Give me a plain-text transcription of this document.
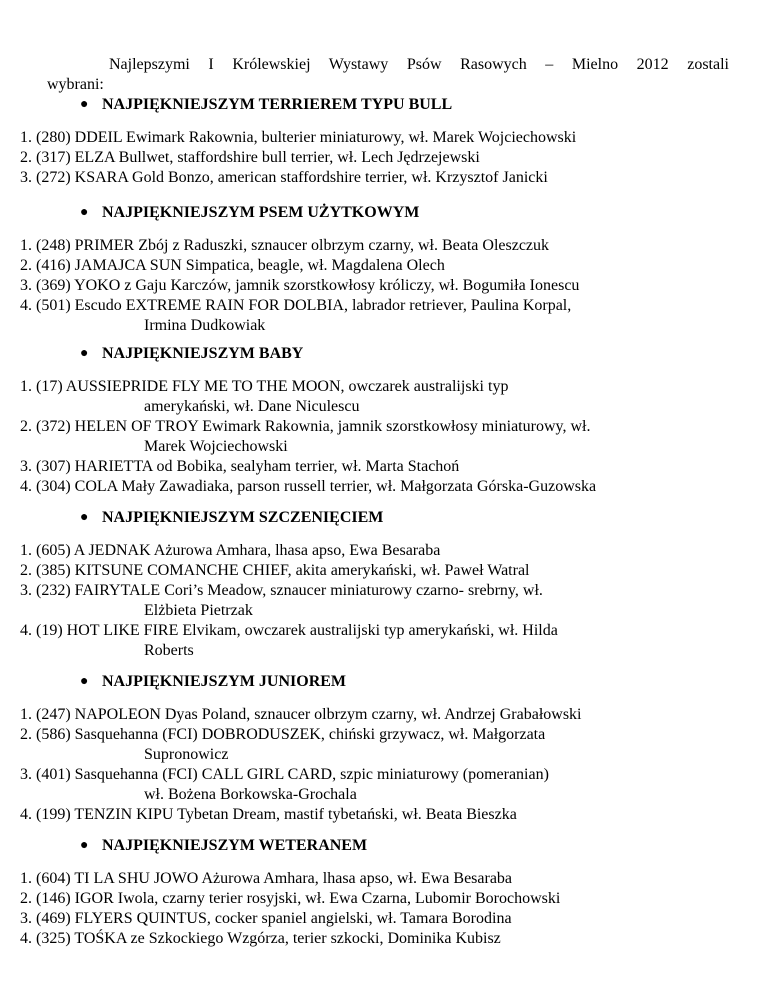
Najlepszymi I Królewskiej Wystawy Psów Rasowych – Mielno 2012 zostali
wybrani:

● NAJPIĘKNIEJSZYM TERRIEREM TYPU BULL
1. (280) DDEIL Ewimark Rakownia, bulterier miniaturowy, wł. Marek Wojciechowski
2. (317) ELZA Bullwet, staffordshire bull terrier, wł. Lech Jędrzejewski
3. (272) KSARA Gold Bonzo, american staffordshire terrier, wł. Krzysztof Janicki
● NAJPIĘKNIEJSZYM PSEM UŻYTKOWYM
1. (248) PRIMER Zbój z Raduszki, sznaucer olbrzym czarny, wł. Beata Oleszczuk
2. (416) JAMAJCA SUN Simpatica, beagle, wł. Magdalena Olech
3. (369) YOKO z Gaju Karczów, jamnik szorstkowłosy króliczy, wł. Bogumiła Ionescu
4. (501) Escudo EXTREME RAIN FOR DOLBIA, labrador retriever, Paulina Korpal,
Irmina Dudkowiak
● NAJPIĘKNIEJSZYM BABY
1. (17) AUSSIEPRIDE FLY ME TO THE MOON, owczarek australijski typ
amerykański, wł. Dane Niculescu
2. (372) HELEN OF TROY Ewimark Rakownia, jamnik szorstkowłosy miniaturowy, wł.
Marek Wojciechowski
3. (307) HARIETTA od Bobika, sealyham terrier, wł. Marta Stachoń
4. (304) COLA Mały Zawadiaka, parson russell terrier, wł. Małgorzata Górska-Guzowska
● NAJPIĘKNIEJSZYM SZCZENIĘCIEM
1. (605) A JEDNAK Ażurowa Amhara, lhasa apso, Ewa Besaraba
2. (385) KITSUNE COMANCHE CHIEF, akita amerykański, wł. Paweł Watral
3. (232) FAIRYTALE Cori’s Meadow, sznaucer miniaturowy czarno- srebrny, wł.
Elżbieta Pietrzak
4. (19) HOT LIKE FIRE Elvikam, owczarek australijski typ amerykański, wł. Hilda
Roberts
● NAJPIĘKNIEJSZYM JUNIOREM
1. (247) NAPOLEON Dyas Poland, sznaucer olbrzym czarny, wł. Andrzej Grabałowski
2. (586) Sasquehanna (FCI) DOBRODUSZEK, chiński grzywacz, wł. Małgorzata
Supronowicz
3. (401) Sasquehanna (FCI) CALL GIRL CARD, szpic miniaturowy (pomeranian)
wł. Bożena Borkowska-Grochala
4. (199) TENZIN KIPU Tybetan Dream, mastif tybetański, wł. Beata Bieszka
● NAJPIĘKNIEJSZYM WETERANEM
1. (604) TI LA SHU JOWO Ażurowa Amhara, lhasa apso, wł. Ewa Besaraba
2. (146) IGOR Iwola, czarny terier rosyjski, wł. Ewa Czarna, Lubomir Borochowski
3. (469) FLYERS QUINTUS, cocker spaniel angielski, wł. Tamara Borodina
4. (325) TOŚKA ze Szkockiego Wzgórza, terier szkocki, Dominika Kubisz
